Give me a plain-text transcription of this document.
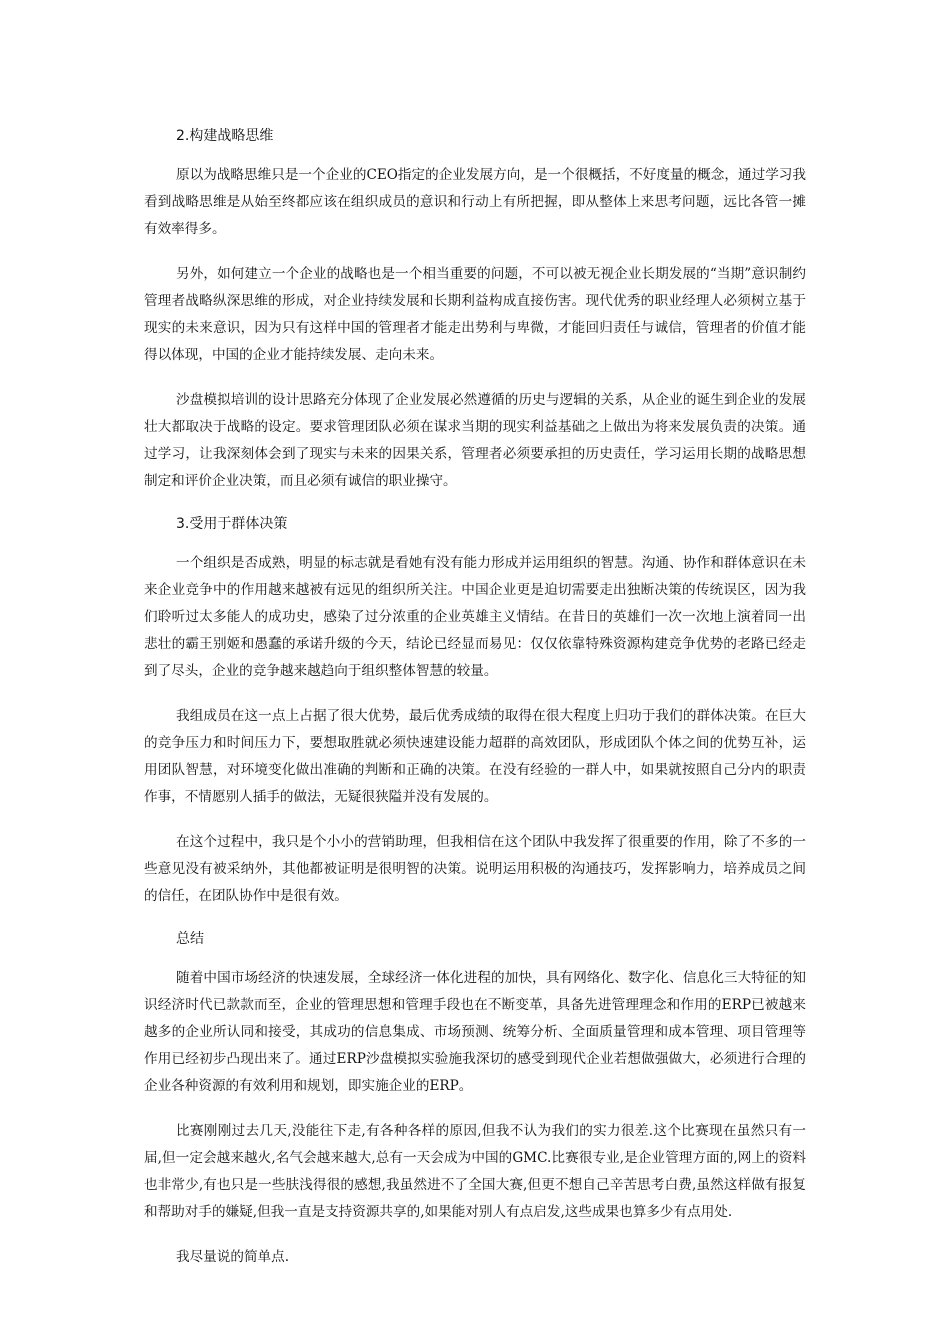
2.构建战略思维

原以为战略思维只是一个企业的CEO指定的企业发展方向，是一个很概括，不好度量的概念，通过学习我看到战略思维是从始至终都应该在组织成员的意识和行动上有所把握，即从整体上来思考问题，远比各管一摊有效率得多。

另外，如何建立一个企业的战略也是一个相当重要的问题，不可以被无视企业长期发展的“当期”意识制约管理者战略纵深思维的形成，对企业持续发展和长期利益构成直接伤害。现代优秀的职业经理人必须树立基于现实的未来意识，因为只有这样中国的管理者才能走出势利与卑微，才能回归责任与诚信，管理者的价值才能得以体现，中国的企业才能持续发展、走向未来。

沙盘模拟培训的设计思路充分体现了企业发展必然遵循的历史与逻辑的关系，从企业的诞生到企业的发展壮大都取决于战略的设定。要求管理团队必须在谋求当期的现实利益基础之上做出为将来发展负责的决策。通过学习，让我深刻体会到了现实与未来的因果关系，管理者必须要承担的历史责任，学习运用长期的战略思想制定和评价企业决策，而且必须有诚信的职业操守。

3.受用于群体决策

一个组织是否成熟，明显的标志就是看她有没有能力形成并运用组织的智慧。沟通、协作和群体意识在未来企业竞争中的作用越来越被有远见的组织所关注。中国企业更是迫切需要走出独断决策的传统误区，因为我们聆听过太多能人的成功史，感染了过分浓重的企业英雄主义情结。在昔日的英雄们一次一次地上演着同一出悲壮的霸王别姬和愚蠢的承诺升级的今天，结论已经显而易见：仅仅依靠特殊资源构建竞争优势的老路已经走到了尽头，企业的竞争越来越趋向于组织整体智慧的较量。

我组成员在这一点上占据了很大优势，最后优秀成绩的取得在很大程度上归功于我们的群体决策。在巨大的竞争压力和时间压力下，要想取胜就必须快速建设能力超群的高效团队，形成团队个体之间的优势互补，运用团队智慧，对环境变化做出准确的判断和正确的决策。在没有经验的一群人中，如果就按照自己分内的职责作事，不情愿别人插手的做法，无疑很狭隘并没有发展的。

在这个过程中，我只是个小小的营销助理，但我相信在这个团队中我发挥了很重要的作用，除了不多的一些意见没有被采纳外，其他都被证明是很明智的决策。说明运用积极的沟通技巧，发挥影响力，培养成员之间的信任，在团队协作中是很有效。

总结

随着中国市场经济的快速发展，全球经济一体化进程的加快，具有网络化、数字化、信息化三大特征的知识经济时代已款款而至，企业的管理思想和管理手段也在不断变革，具备先进管理理念和作用的ERP已被越来越多的企业所认同和接受，其成功的信息集成、市场预测、统筹分析、全面质量管理和成本管理、项目管理等作用已经初步凸现出来了。通过ERP沙盘模拟实验施我深切的感受到现代企业若想做强做大，必须进行合理的企业各种资源的有效利用和规划，即实施企业的ERP。

比赛刚刚过去几天,没能往下走,有各种各样的原因,但我不认为我们的实力很差.这个比赛现在虽然只有一届,但一定会越来越火,名气会越来越大,总有一天会成为中国的GMC.比赛很专业,是企业管理方面的,网上的资料也非常少,有也只是一些肤浅得很的感想,我虽然进不了全国大赛,但更不想自己辛苦思考白费,虽然这样做有报复和帮助对手的嫌疑,但我一直是支持资源共享的,如果能对别人有点启发,这些成果也算多少有点用处.

我尽量说的简单点.
